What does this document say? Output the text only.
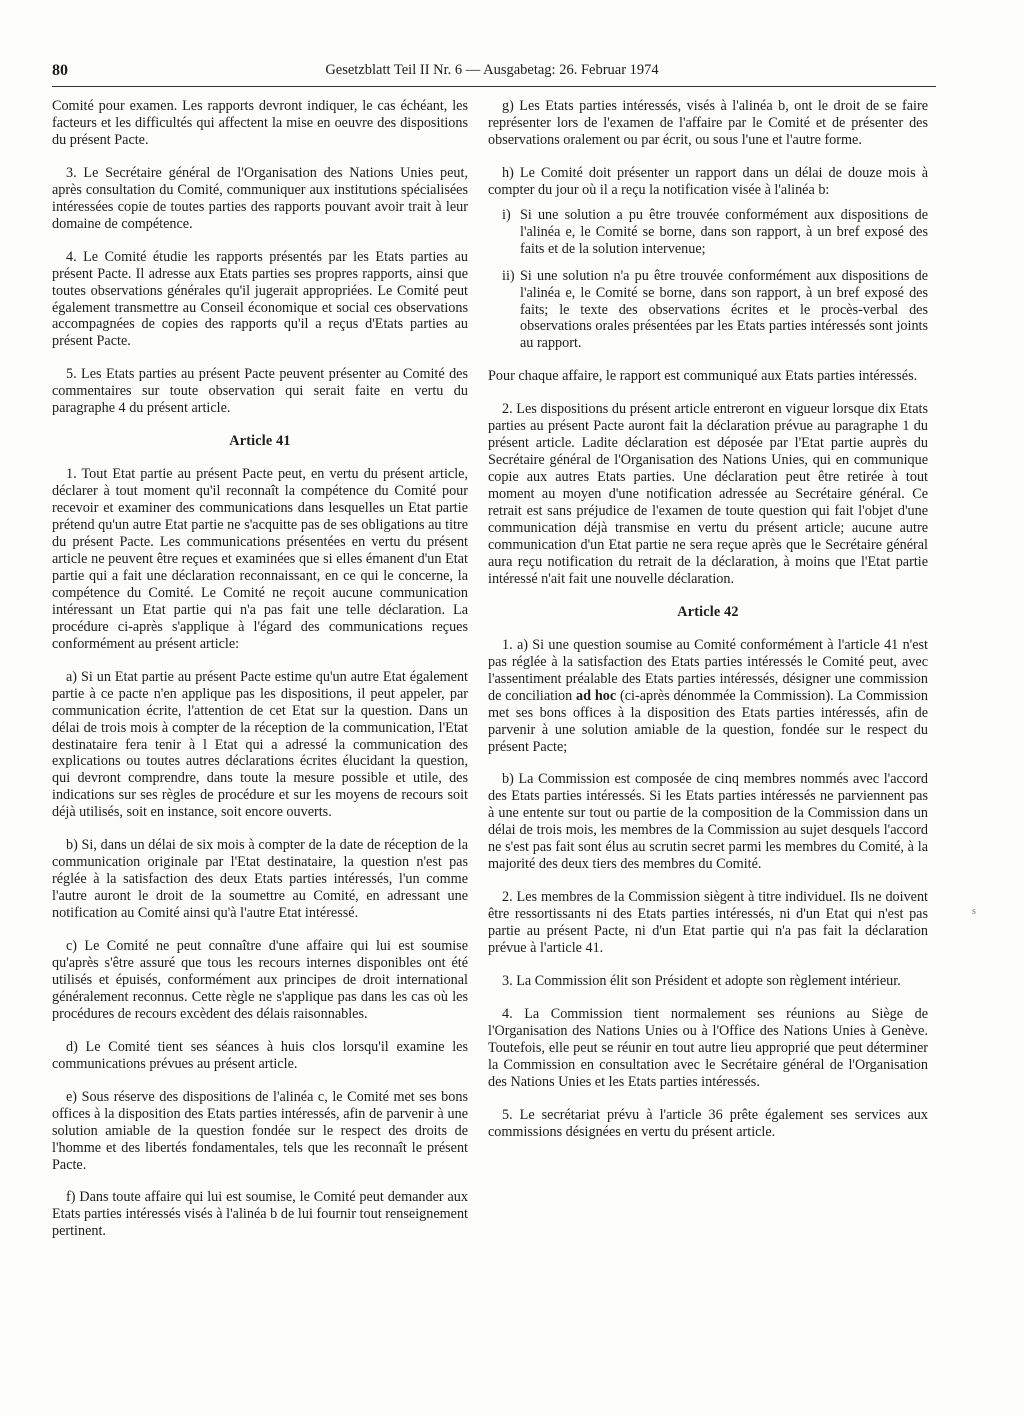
80	Gesetzblatt Teil II Nr. 6 — Ausgabetag: 26. Februar 1974

Comité pour examen. Les rapports devront indiquer, le cas échéant, les facteurs et les difficultés qui affectent la mise en oeuvre des dispositions du présent Pacte.

3. Le Secrétaire général de l'Organisation des Nations Unies peut, après consultation du Comité, communiquer aux institutions spécialisées intéressées copie de toutes parties des rapports pouvant avoir trait à leur domaine de compétence.

4. Le Comité étudie les rapports présentés par les Etats parties au présent Pacte. Il adresse aux Etats parties ses propres rapports, ainsi que toutes observations générales qu'il jugerait appropriées. Le Comité peut également transmettre au Conseil économique et social ces observations accompagnées de copies des rapports qu'il a reçus d'Etats parties au présent Pacte.

5. Les Etats parties au présent Pacte peuvent présenter au Comité des commentaires sur toute observation qui serait faite en vertu du paragraphe 4 du présent article.

Article 41

1. Tout Etat partie au présent Pacte peut, en vertu du présent article, déclarer à tout moment qu'il reconnaît la compétence du Comité pour recevoir et examiner des communications dans lesquelles un Etat partie prétend qu'un autre Etat partie ne s'acquitte pas de ses obligations au titre du présent Pacte. Les communications présentées en vertu du présent article ne peuvent être reçues et examinées que si elles émanent d'un Etat partie qui a fait une déclaration reconnaissant, en ce qui le concerne, la compétence du Comité. Le Comité ne reçoit aucune communication intéressant un Etat partie qui n'a pas fait une telle déclaration. La procédure ci-après s'applique à l'égard des communications reçues conformément au présent article:

a) Si un Etat partie au présent Pacte estime qu'un autre Etat également partie à ce pacte n'en applique pas les dispositions, il peut appeler, par communication écrite, l'attention de cet Etat sur la question. Dans un délai de trois mois à compter de la réception de la communication, l'Etat destinataire fera tenir à l Etat qui a adressé la communication des explications ou toutes autres déclarations écrites élucidant la question, qui devront comprendre, dans toute la mesure possible et utile, des indications sur ses règles de procédure et sur les moyens de recours soit déjà utilisés, soit en instance, soit encore ouverts.

b) Si, dans un délai de six mois à compter de la date de réception de la communication originale par l'Etat destinataire, la question n'est pas réglée à la satisfaction des deux Etats parties intéressés, l'un comme l'autre auront le droit de la soumettre au Comité, en adressant une notification au Comité ainsi qu'à l'autre Etat intéressé.

c) Le Comité ne peut connaître d'une affaire qui lui est soumise qu'après s'être assuré que tous les recours internes disponibles ont été utilisés et épuisés, conformément aux principes de droit international généralement reconnus. Cette règle ne s'applique pas dans les cas où les procédures de recours excèdent des délais raisonnables.

d) Le Comité tient ses séances à huis clos lorsqu'il examine les communications prévues au présent article.

e) Sous réserve des dispositions de l'alinéa c, le Comité met ses bons offices à la disposition des Etats parties intéressés, afin de parvenir à une solution amiable de la question fondée sur le respect des droits de l'homme et des libertés fondamentales, tels que les reconnaît le présent Pacte.

f) Dans toute affaire qui lui est soumise, le Comité peut demander aux Etats parties intéressés visés à l'alinéa b de lui fournir tout renseignement pertinent.

g) Les Etats parties intéressés, visés à l'alinéa b, ont le droit de se faire représenter lors de l'examen de l'affaire par le Comité et de présenter des observations oralement ou par écrit, ou sous l'une et l'autre forme.

h) Le Comité doit présenter un rapport dans un délai de douze mois à compter du jour où il a reçu la notification visée à l'alinéa b:

i) Si une solution a pu être trouvée conformément aux dispositions de l'alinéa e, le Comité se borne, dans son rapport, à un bref exposé des faits et de la solution intervenue;
ii) Si une solution n'a pu être trouvée conformément aux dispositions de l'alinéa e, le Comité se borne, dans son rapport, à un bref exposé des faits; le texte des observations écrites et le procès-verbal des observations orales présentées par les Etats parties intéressés sont joints au rapport.

Pour chaque affaire, le rapport est communiqué aux Etats parties intéressés.

2. Les dispositions du présent article entreront en vigueur lorsque dix Etats parties au présent Pacte auront fait la déclaration prévue au paragraphe 1 du présent article. Ladite déclaration est déposée par l'Etat partie auprès du Secrétaire général de l'Organisation des Nations Unies, qui en communique copie aux autres Etats parties. Une déclaration peut être retirée à tout moment au moyen d'une notification adressée au Secrétaire général. Ce retrait est sans préjudice de l'examen de toute question qui fait l'objet d'une communication déjà transmise en vertu du présent article; aucune autre communication d'un Etat partie ne sera reçue après que le Secrétaire général aura reçu notification du retrait de la déclaration, à moins que l'Etat partie intéressé n'ait fait une nouvelle déclaration.

Article 42

1. a) Si une question soumise au Comité conformément à l'article 41 n'est pas réglée à la satisfaction des Etats parties intéressés le Comité peut, avec l'assentiment préalable des Etats parties intéressés, désigner une commission de conciliation ad hoc (ci-après dénommée la Commission). La Commission met ses bons offices à la disposition des Etats parties intéressés, afin de parvenir à une solution amiable de la question, fondée sur le respect du présent Pacte;

b) La Commission est composée de cinq membres nommés avec l'accord des Etats parties intéressés. Si les Etats parties intéressés ne parviennent pas à une entente sur tout ou partie de la composition de la Commission dans un délai de trois mois, les membres de la Commission au sujet desquels l'accord ne s'est pas fait sont élus au scrutin secret parmi les membres du Comité, à la majorité des deux tiers des membres du Comité.

2. Les membres de la Commission siègent à titre individuel. Ils ne doivent être ressortissants ni des Etats parties intéressés, ni d'un Etat qui n'est pas partie au présent Pacte, ni d'un Etat partie qui n'a pas fait la déclaration prévue à l'article 41.

3. La Commission élit son Président et adopte son règlement intérieur.

4. La Commission tient normalement ses réunions au Siège de l'Organisation des Nations Unies ou à l'Office des Nations Unies à Genève. Toutefois, elle peut se réunir en tout autre lieu approprié que peut déterminer la Commission en consultation avec le Secrétaire général de l'Organisation des Nations Unies et les Etats parties intéressés.

5. Le secrétariat prévu à l'article 36 prête également ses services aux commissions désignées en vertu du présent article.

s
